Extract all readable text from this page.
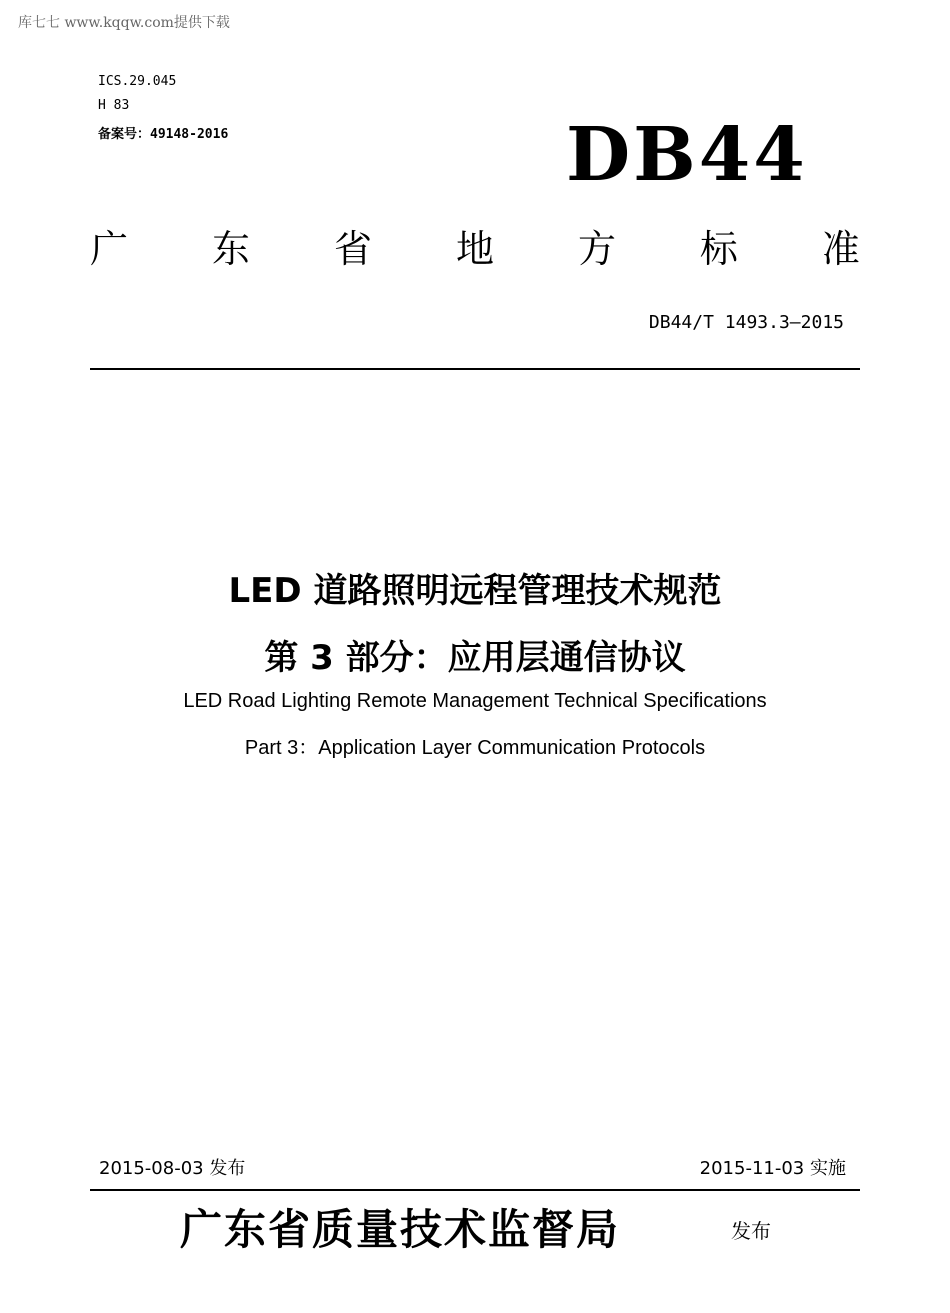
库七七 www.kqqw.com提供下载

ICS.29.045

H 83

备案号：49148-2016	DB44

广 东 省 地 方 标 准

DB44/T 1493.3—2015

LED 道路照明远程管理技术规范

第 3 部分：应用层通信协议

LED Road Lighting Remote Management Technical Specifications

Part 3：Application Layer Communication Protocols

2015-08-03 发布	2015-11-03 实施

广东省质量技术监督局	发布
